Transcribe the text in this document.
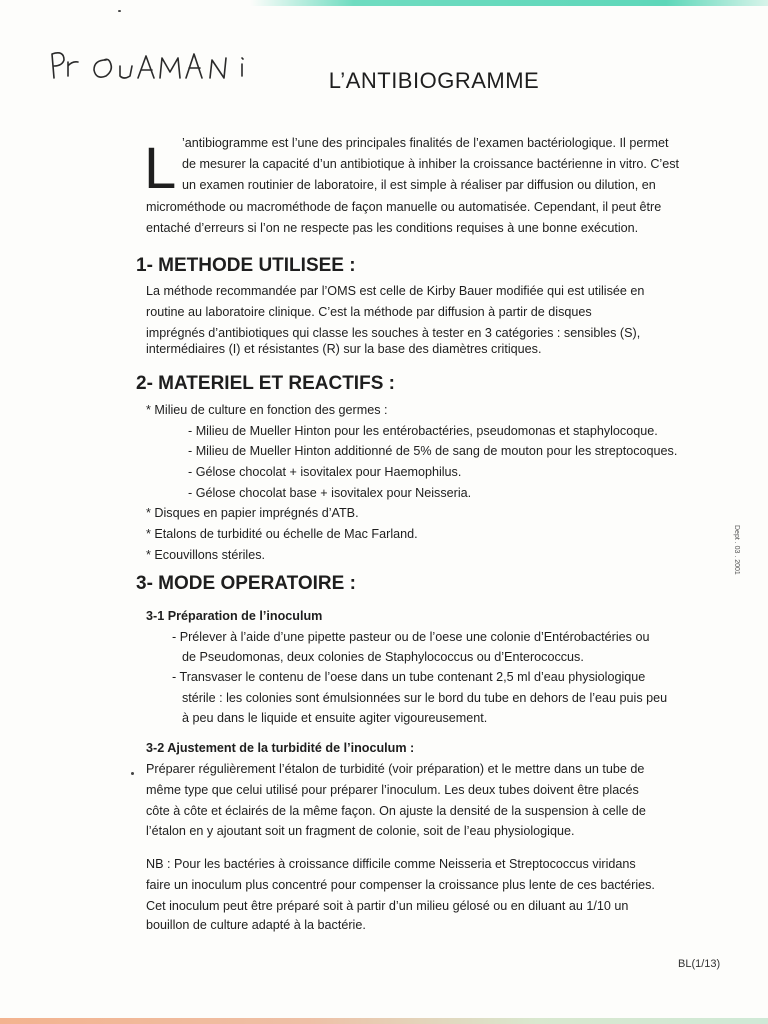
L’ANTIBIOGRAMME
L ’antibiogramme est l’une des principales finalités de l’examen bactériologique. Il permet
de mesurer la capacité d’un antibiotique à inhiber la croissance bactérienne in vitro. C’est
un examen routinier de laboratoire, il est simple à réaliser par diffusion ou dilution, en
microméthode ou macrométhode de façon manuelle ou automatisée. Cependant, il peut être
entaché d’erreurs si l’on ne respecte pas les conditions requises à une bonne exécution.
1- METHODE UTILISEE :
La méthode recommandée par l’OMS est celle de Kirby Bauer modifiée qui est utilisée en
routine au laboratoire clinique. C’est la méthode par diffusion à partir de disques
imprégnés d’antibiotiques qui classe les souches à tester en 3 catégories : sensibles (S),
intermédiaires (I) et résistantes (R) sur la base des diamètres critiques.
2- MATERIEL ET REACTIFS :
* Milieu de culture en fonction des germes :
- Milieu de Mueller Hinton pour les entérobactéries, pseudomonas et staphylocoque.
- Milieu de Mueller Hinton additionné de 5% de sang de mouton pour les streptocoques.
- Gélose chocolat + isovitalex pour Haemophilus.
- Gélose chocolat base + isovitalex pour Neisseria.
* Disques en papier imprégnés d’ATB.
* Etalons de turbidité ou échelle de Mac Farland.
* Ecouvillons stériles.
3- MODE OPERATOIRE :
3-1 Préparation de l’inoculum
- Prélever à l’aide d’une pipette pasteur ou de l’oese une colonie d’Entérobactéries ou
de Pseudomonas, deux colonies de Staphylococcus ou d’Enterococcus.
- Transvaser le contenu de l’oese dans un tube contenant 2,5 ml d’eau physiologique
stérile : les colonies sont émulsionnées sur le bord du tube en dehors de l’eau puis peu
à peu dans le liquide et ensuite agiter vigoureusement.
3-2 Ajustement de la turbidité de l’inoculum :
Préparer régulièrement l’étalon de turbidité (voir préparation) et le mettre dans un tube de
même type que celui utilisé pour préparer l’inoculum. Les deux tubes doivent être placés
côte à côte et éclairés de la même façon. On ajuste la densité de la suspension à celle de
l’étalon en y ajoutant soit un fragment de colonie, soit de l’eau physiologique.
NB : Pour les bactéries à croissance difficile comme Neisseria et Streptococcus viridans
faire un inoculum plus concentré pour compenser la croissance plus lente de ces bactéries.
Cet inoculum peut être préparé soit à partir d’un milieu gélosé ou en diluant au 1/10 un
bouillon de culture adapté à la bactérie.
Dept . 03 . 2001
BL(1/13)
